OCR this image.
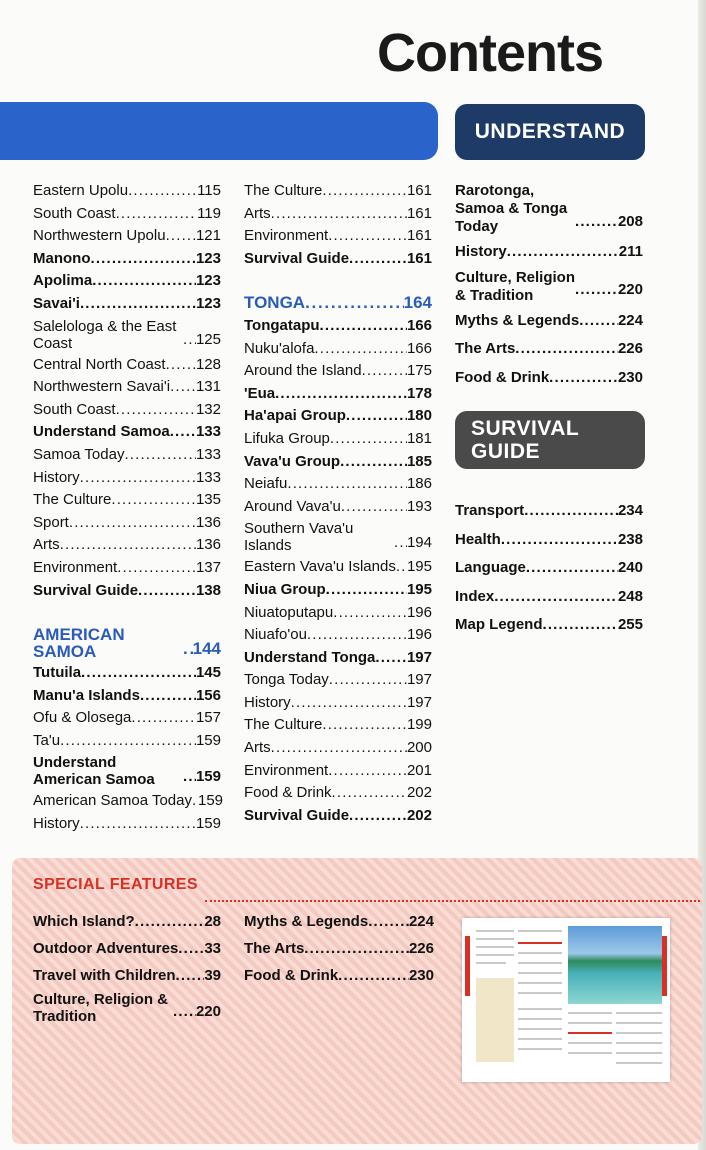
Contents
UNDERSTAND
SURVIVAL
GUIDE
Eastern Upolu . . .	115
South Coast . . .	119
Northwestern Upolu . . . 121
Manono . . .	123
Apolima . . .	123
Savai'i . . .	123
Salelologa & the East Coast . . .	125
Central North Coast . . . 128
Northwestern Savai'i . . . 131
South Coast . . .	132
Understand Samoa . . . 133
Samoa Today . . .	133
History . . .	133
The Culture . . .	135
Sport . . .	136
Arts . . .	136
Environment . . .	137
Survival Guide . . .	138
AMERICAN SAMOA . . .	144
Tutuila . . .	145
Manu'a Islands . . .	156
Ofu & Olosega . . .	157
Ta'u . . .	159
Understand American Samoa . . .	159
American Samoa Today . . . 159
History . . .	159
The Culture . . .	161
Arts . . .	161
Environment . . .	161
Survival Guide . . .	161
TONGA . . .	164
Tongatapu . . .	166
Nuku'alofa . . .	166
Around the Island . . .	175
'Eua . . .	178
Ha'apai Group . . .	180
Lifuka Group . . .	181
Vava'u Group . . .	185
Neiafu . . .	186
Around Vava'u . . .	193
Southern Vava'u Islands . . .	194
Eastern Vava'u Islands . . . 195
Niua Group . . .	195
Niuatoputapu . . .	196
Niuafo'ou . . .	196
Understand Tonga . . . 197
Tonga Today . . .	197
History . . .	197
The Culture . . .	199
Arts . . .	200
Environment . . .	201
Food & Drink . . .	202
Survival Guide . . .	202
Rarotonga, Samoa & Tonga Today . . .	208
History . . .	211
Culture, Religion & Tradition . . .	220
Myths & Legends . . .	224
The Arts . . .	226
Food & Drink . . .	230
Transport . . .	234
Health . . .	238
Language . . .	240
Index . . .	248
Map Legend . . .	255
SPECIAL FEATURES
Which Island? . . .	28
Outdoor Adventures . . . 33
Travel with Children . . . 39
Culture, Religion & Tradition . . .	220
Myths & Legends . . .	224
The Arts . . .	226
Food & Drink . . .	230
